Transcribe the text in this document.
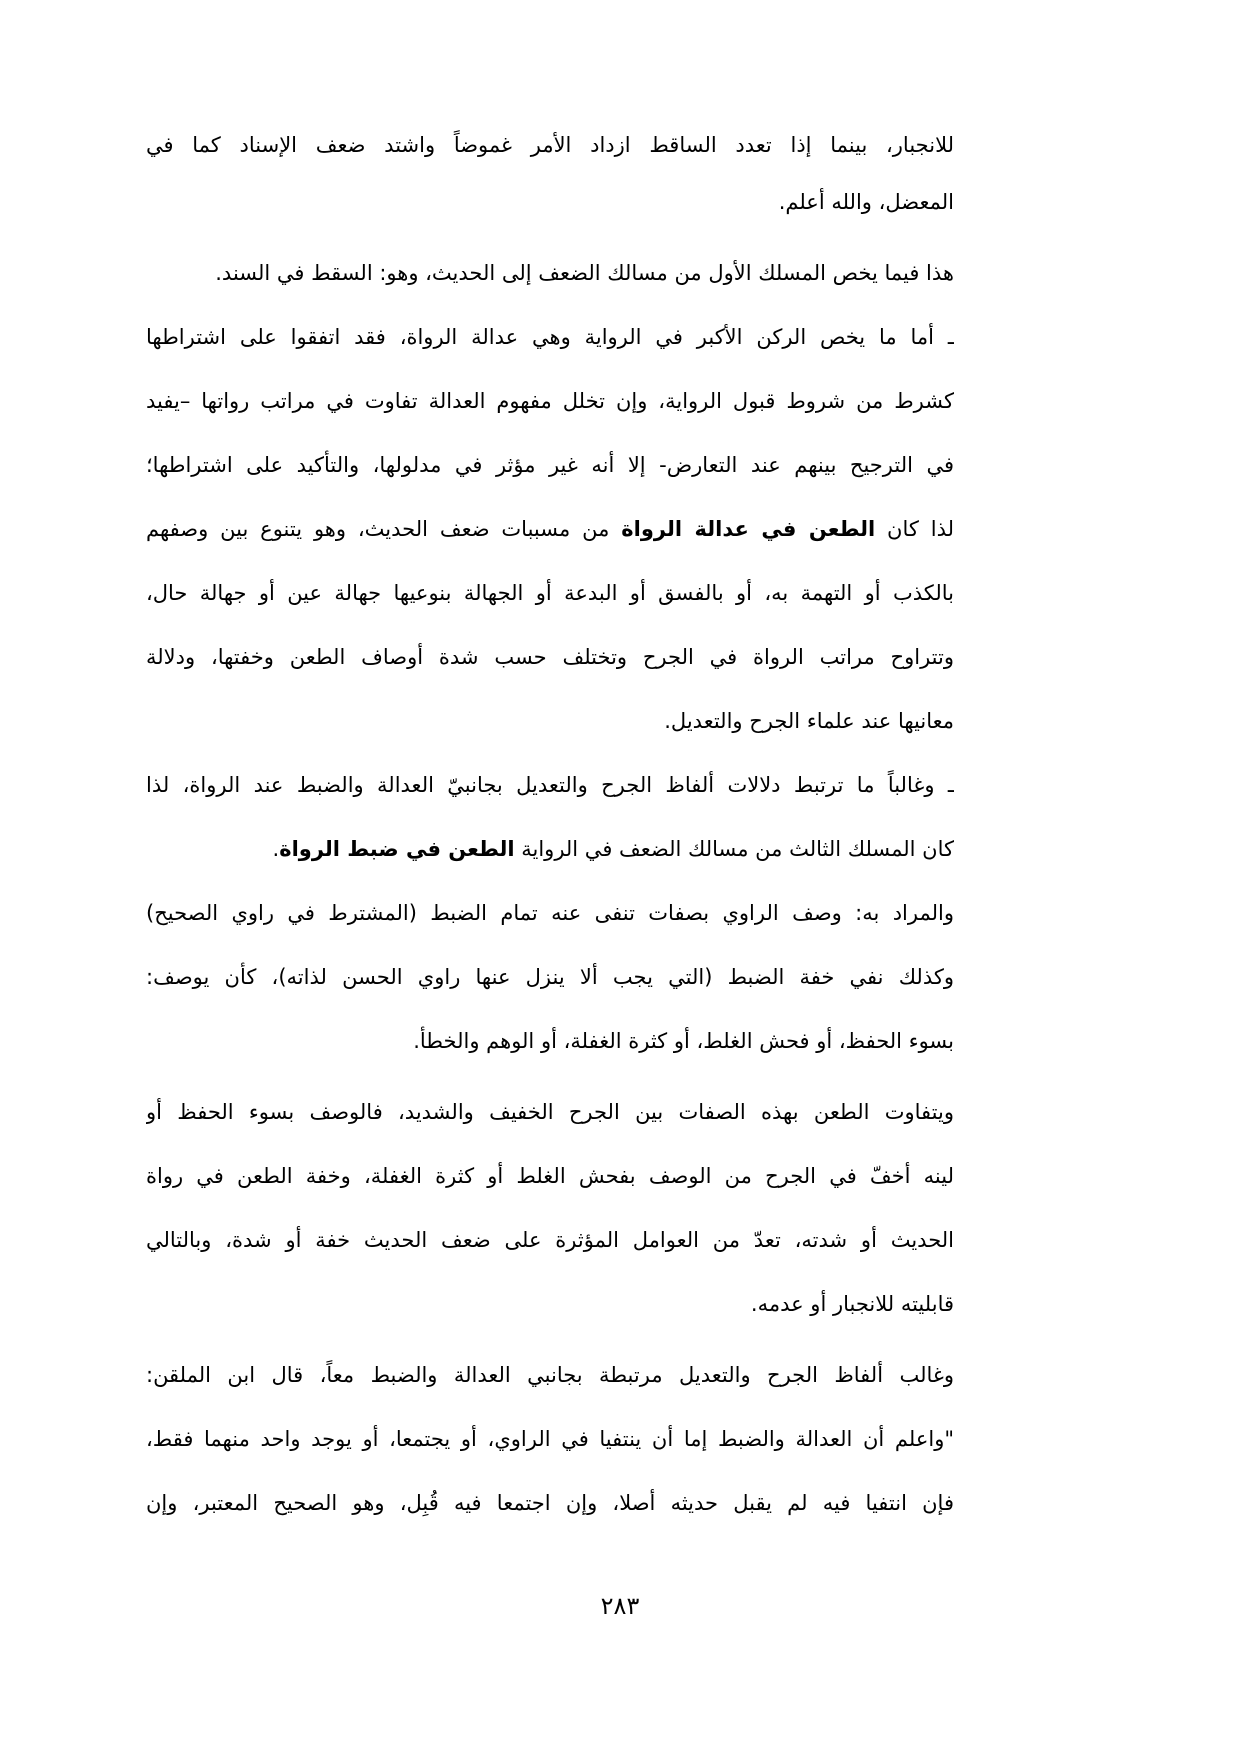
للانجبار، بينما إذا تعدد الساقط ازداد الأمر غموضاً واشتد ضعف الإسناد كما في
المعضل، والله أعلم.
هذا فيما يخص المسلك الأول من مسالك الضعف إلى الحديث، وهو: السقط في السند.
ـ أما ما يخص الركن الأكبر في الرواية وهي عدالة الرواة، فقد اتفقوا على اشتراطها
كشرط من شروط قبول الرواية، وإن تخلل مفهوم العدالة تفاوت في مراتب رواتها –يفيد
في الترجيح بينهم عند التعارض- إلا أنه غير مؤثر في مدلولها، والتأكيد على اشتراطها؛
لذا كان الطعن في عدالة الرواة من مسببات ضعف الحديث، وهو يتنوع بين وصفهم
بالكذب أو التهمة به، أو بالفسق أو البدعة أو الجهالة بنوعيها جهالة عين أو جهالة حال،
وتتراوح مراتب الرواة في الجرح وتختلف حسب شدة أوصاف الطعن وخفتها، ودلالة
معانيها عند علماء الجرح والتعديل.
ـ وغالباً ما ترتبط دلالات ألفاظ الجرح والتعديل بجانبيّ العدالة والضبط عند الرواة، لذا
كان المسلك الثالث من مسالك الضعف في الرواية الطعن في ضبط الرواة.
والمراد به: وصف الراوي بصفات تنفى عنه تمام الضبط (المشترط في راوي الصحيح)
وكذلك نفي خفة الضبط (التي يجب ألا ينزل عنها راوي الحسن لذاته)، كأن يوصف:
بسوء الحفظ، أو فحش الغلط، أو كثرة الغفلة، أو الوهم والخطأ.
ويتفاوت الطعن بهذه الصفات بين الجرح الخفيف والشديد، فالوصف بسوء الحفظ أو
لينه أخفّ في الجرح من الوصف بفحش الغلط أو كثرة الغفلة، وخفة الطعن في رواة
الحديث أو شدته، تعدّ من العوامل المؤثرة على ضعف الحديث خفة أو شدة، وبالتالي
قابليته للانجبار أو عدمه.
وغالب ألفاظ الجرح والتعديل مرتبطة بجانبي العدالة والضبط معاً، قال ابن الملقن:
"واعلم أن العدالة والضبط إما أن ينتفيا في الراوي، أو يجتمعا، أو يوجد واحد منهما فقط،
فإن انتفيا فيه لم يقبل حديثه أصلا، وإن اجتمعا فيه قُبِل، وهو الصحيح المعتبر، وإن
٢٨٣
